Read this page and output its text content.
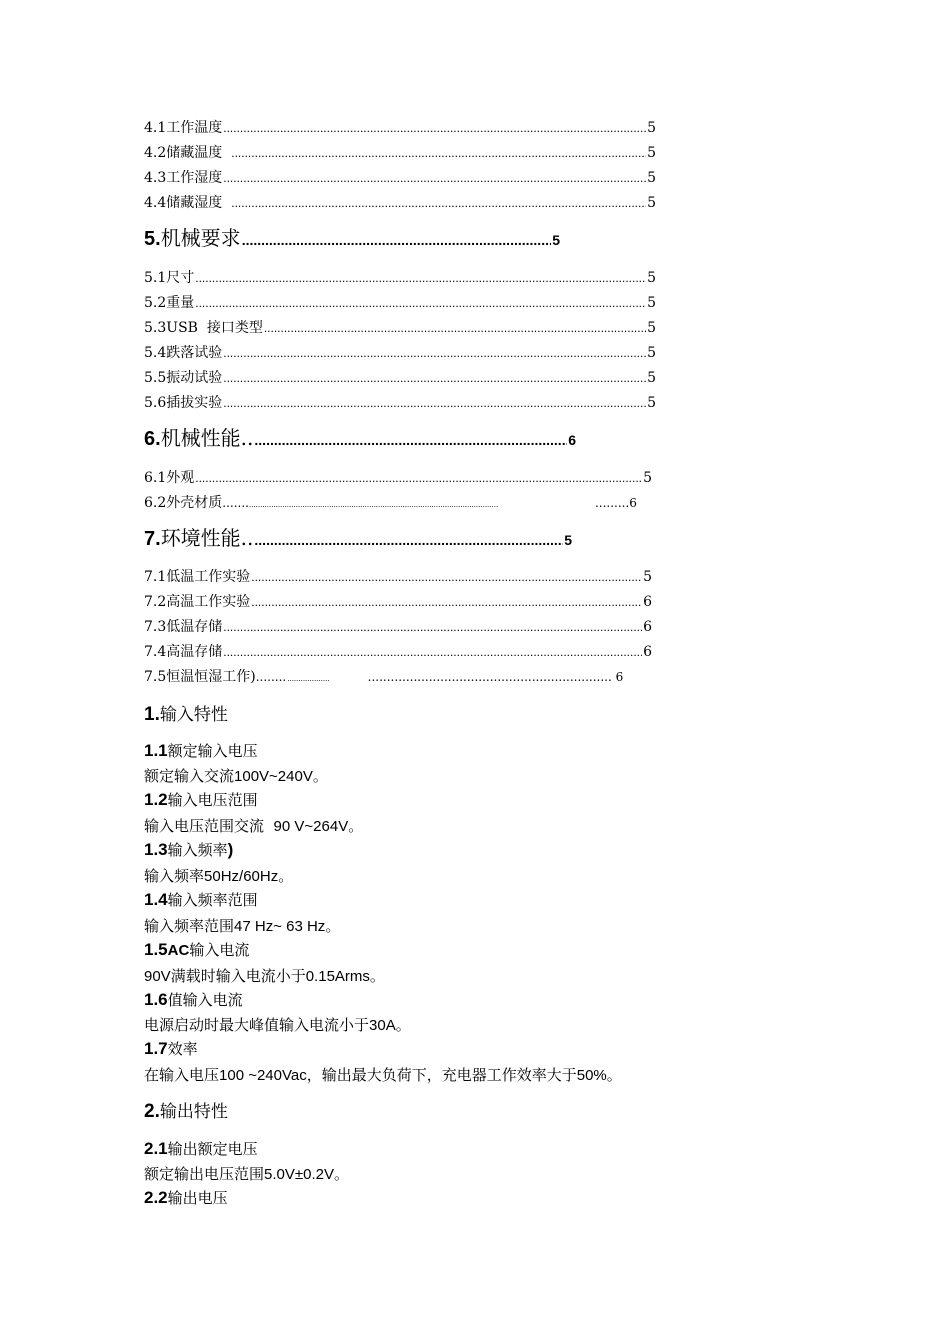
4.1工作温度 .....	5
4.2储藏温度 .....	5
4.3工作湿度 .....	5
4.4储藏湿度 .....	5
5. 机械要求 .....	5
5.1尺寸 .....	5
5.2重量 .....	5
5.3USB  接口类型 .....	5
5.4跌落试验 .....	5
5.5振动试验 .....	5
5.6插拔实验 .....	5
6. 机械性能.. .....	6
6.1外观 .....	5
6.2外壳材质 ....... ................................................................................................................	.........6
7. 环境性能.. .....	5
7.1低温工作实验 .....	5
7.2高温工作实验 .....	6
7.3低温存储 .....	6
7.4高温存储 .....	6
7.5恒温恒湿工作) ........ ...................	................................................................ 6
1.输入特性
1.1额定输入电压
额定输入交流100V~240V。
1.2输入电压范围
输入电压范围交流  90 V~264V。
1.3输入频率)
输入频率50Hz/60Hz。
1.4输入频率范围
输入频率范围47 Hz~ 63 Hz。
1.5AC输入电流
90V满载时输入电流小于0.15Arms。
1.6值输入电流
电源启动时最大峰值输入电流小于30A。
1.7效率
在输入电压100 ~240Vac，输出最大负荷下，充电器工作效率大于50%。
2.输出特性
2.1输出额定电压
额定输出电压范围5.0V±0.2V。
2.2输出电压
